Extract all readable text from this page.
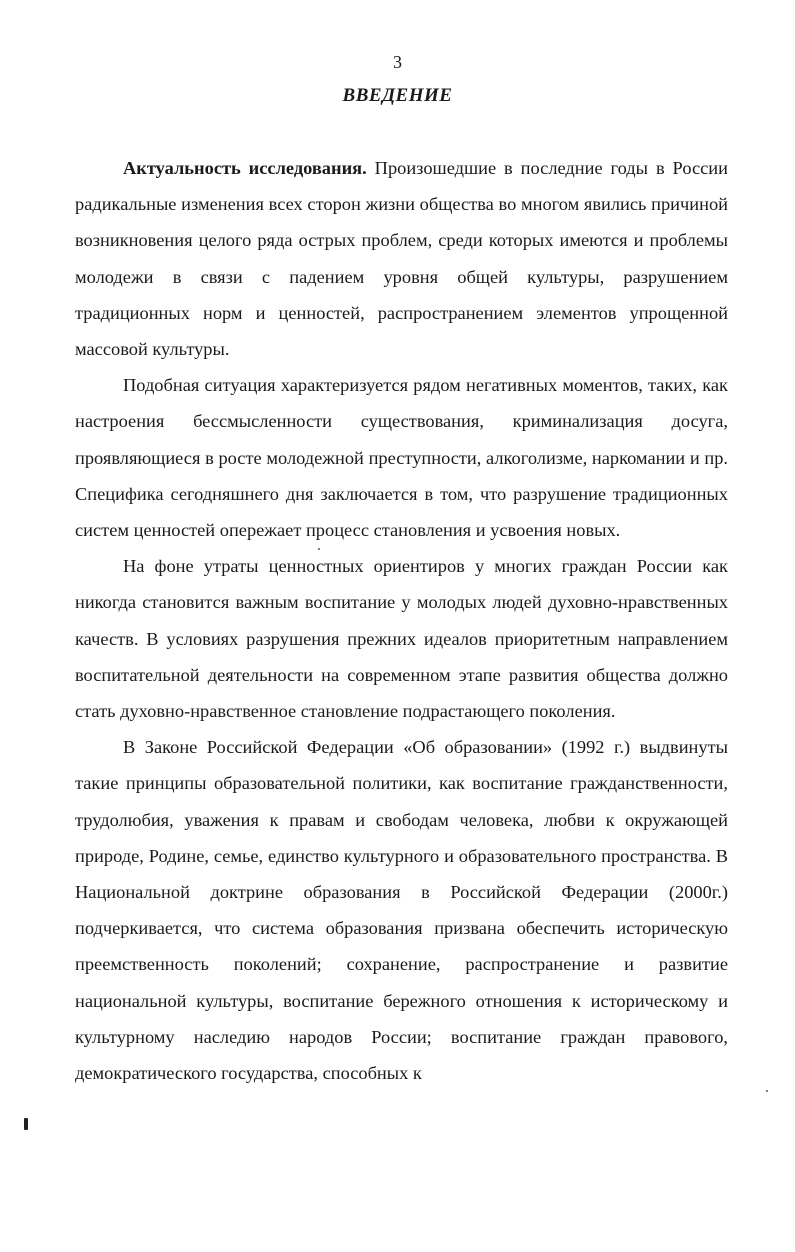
3
ВВЕДЕНИЕ

Актуальность исследования. Произошедшие в последние годы в России радикальные изменения всех сторон жизни общества во многом явились причиной возникновения целого ряда острых проблем, среди которых имеются и проблемы молодежи в связи с падением уровня общей культуры, разрушением традиционных норм и ценностей, распространением элементов упрощенной массовой культуры.

Подобная ситуация характеризуется рядом негативных моментов, таких, как настроения бессмысленности существования, криминализация досуга, проявляющиеся в росте молодежной преступности, алкоголизме, наркомании и пр. Специфика сегодняшнего дня заключается в том, что разрушение традиционных систем ценностей опережает процесс становления и усвоения новых.

На фоне утраты ценностных ориентиров у многих граждан России как никогда становится важным воспитание у молодых людей духовно-нравственных качеств. В условиях разрушения прежних идеалов приоритетным направлением воспитательной деятельности на современном этапе развития общества должно стать духовно-нравственное становление подрастающего поколения.

В Законе Российской Федерации «Об образовании» (1992 г.) выдвинуты такие принципы образовательной политики, как воспитание гражданственности, трудолюбия, уважения к правам и свободам человека, любви к окружающей природе, Родине, семье, единство культурного и образовательного пространства. В Национальной доктрине образования в Российской Федерации (2000г.) подчеркивается, что система образования призвана обеспечить историческую преемственность поколений; сохранение, распространение и развитие национальной культуры, воспитание бережного отношения к историческому и культурному наследию народов России; воспитание граждан правового, демократического государства, способных к
